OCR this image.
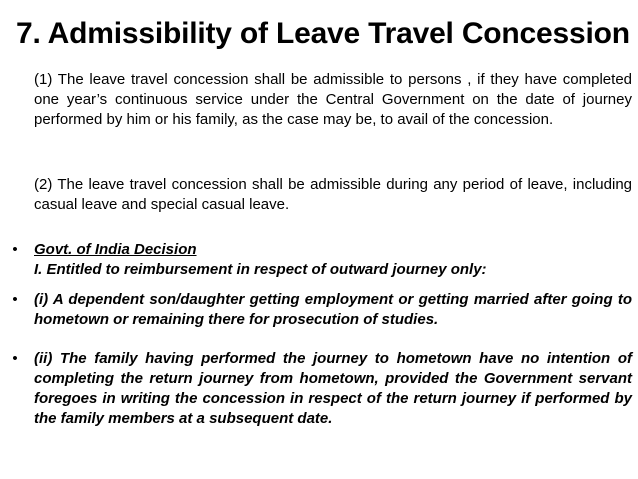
7. Admissibility of Leave Travel Concession

(1) The leave travel concession shall be admissible to persons , if they have completed one year’s continuous service under the Central Government on the date of journey performed by him or his family, as the case may be, to avail of the concession.

(2) The leave travel concession shall be admissible during any period of leave, including casual leave and special casual leave.

• Govt. of India Decision
I. Entitled to reimbursement in respect of outward journey only:
• (i) A dependent son/daughter getting employment or getting married after going to hometown or remaining there for prosecution of studies.
• (ii) The family having performed the journey to hometown have no intention of completing the return journey from hometown, provided the Government servant foregoes in writing the concession in respect of the return journey if performed by the family members at a subsequent date.
